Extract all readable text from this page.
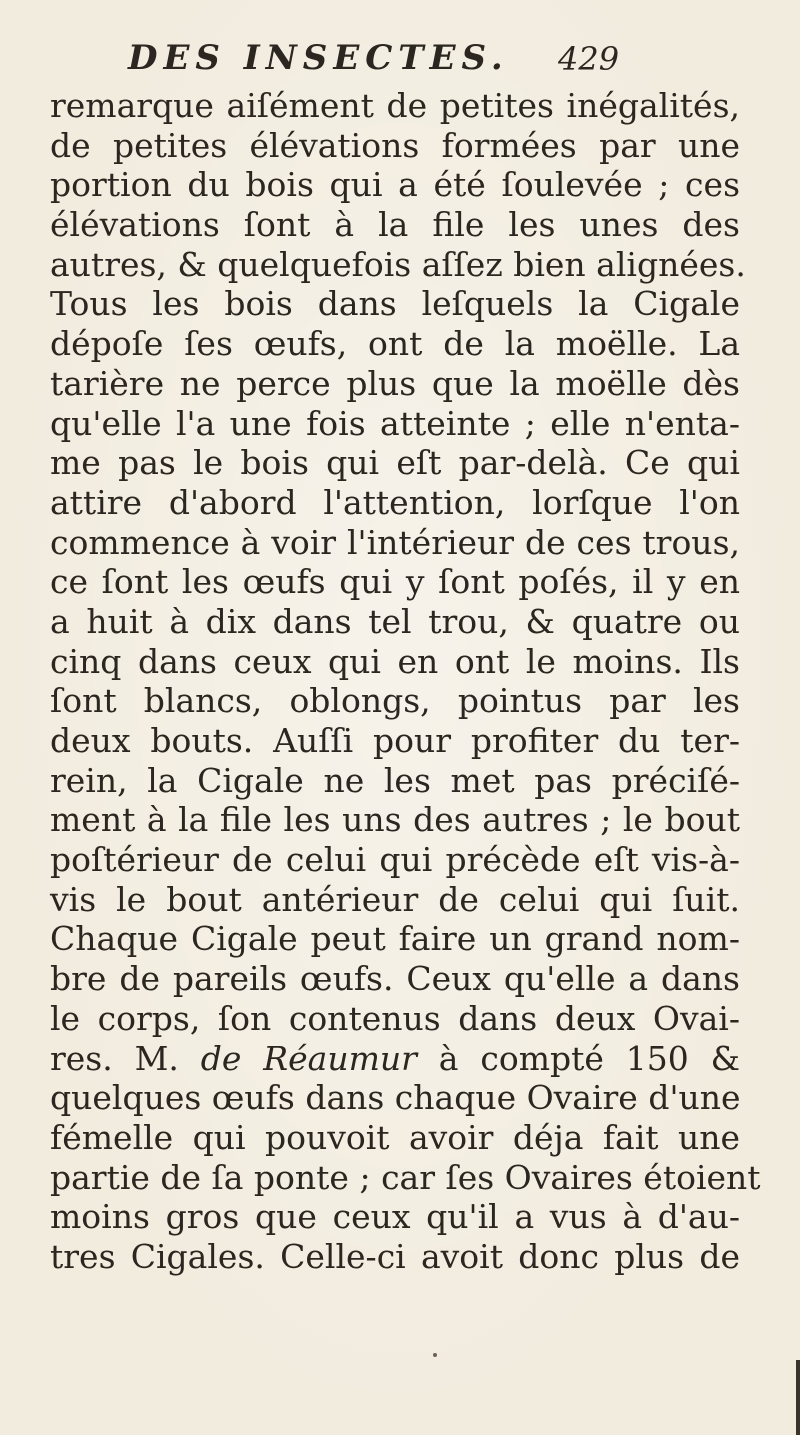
DES INSECTES. 429
remarque aiſément de petites inégalités,
de petites élévations formées par une
portion du bois qui a été ſoulevée ; ces
élévations ſont à la file les unes des
autres, & quelquefois aſſez bien alignées.
Tous les bois dans leſquels la Cigale
dépoſe ſes œufs, ont de la moëlle. La
tarière ne perce plus que la moëlle dès
qu'elle l'a une fois atteinte ; elle n'enta-
me pas le bois qui eſt par-delà. Ce qui
attire d'abord l'attention, lorſque l'on
commence à voir l'intérieur de ces trous,
ce ſont les œufs qui y ſont poſés, il y en
a huit à dix dans tel trou, & quatre ou
cinq dans ceux qui en ont le moins. Ils
ſont blancs, oblongs, pointus par les
deux bouts. Auſſi pour profiter du ter-
rein, la Cigale ne les met pas préciſé-
ment à la file les uns des autres ; le bout
poſtérieur de celui qui précède eſt vis-à-
vis le bout antérieur de celui qui ſuit.
Chaque Cigale peut faire un grand nom-
bre de pareils œufs. Ceux qu'elle a dans
le corps, ſon contenus dans deux Ovai-
res. M. de Réaumur à compté 150 &
quelques œufs dans chaque Ovaire d'une
fémelle qui pouvoit avoir déja fait une
partie de ſa ponte ; car ſes Ovaires étoient
moins gros que ceux qu'il a vus à d'au-
tres Cigales. Celle-ci avoit donc plus de
